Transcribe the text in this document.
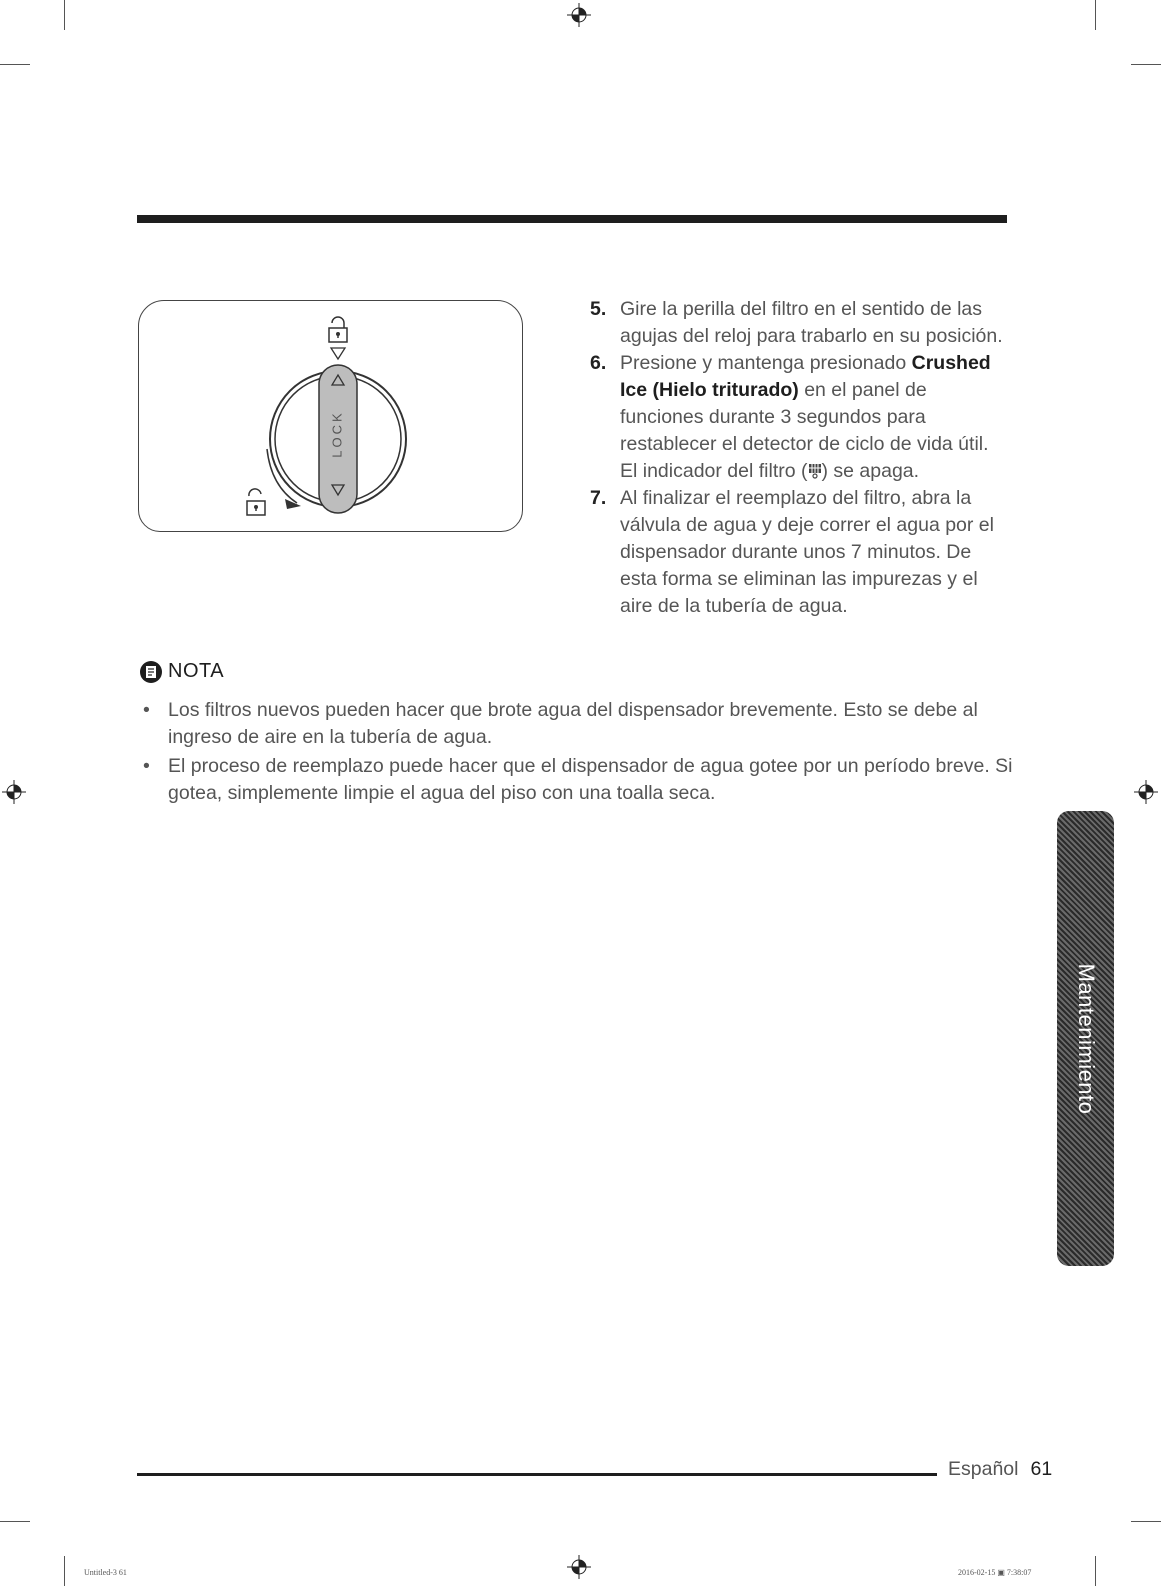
LOCK
5. Gire la perilla del filtro en el sentido de las agujas del reloj para trabarlo en su posición.
6. Presione y mantenga presionado Crushed Ice (Hielo triturado) en el panel de funciones durante 3 segundos para restablecer el detector de ciclo de vida útil.
El indicador del filtro ( ) se apaga.
7. Al finalizar el reemplazo del filtro, abra la válvula de agua y deje correr el agua por el dispensador durante unos 7 minutos. De esta forma se eliminan las impurezas y el aire de la tubería de agua.
NOTA
• Los filtros nuevos pueden hacer que brote agua del dispensador brevemente. Esto se debe al ingreso de aire en la tubería de agua.
• El proceso de reemplazo puede hacer que el dispensador de agua gotee por un período breve. Si gotea, simplemente limpie el agua del piso con una toalla seca.
Mantenimiento
Español 61
Untitled-3 61	2016-02-15 ▣ 7:38:07
